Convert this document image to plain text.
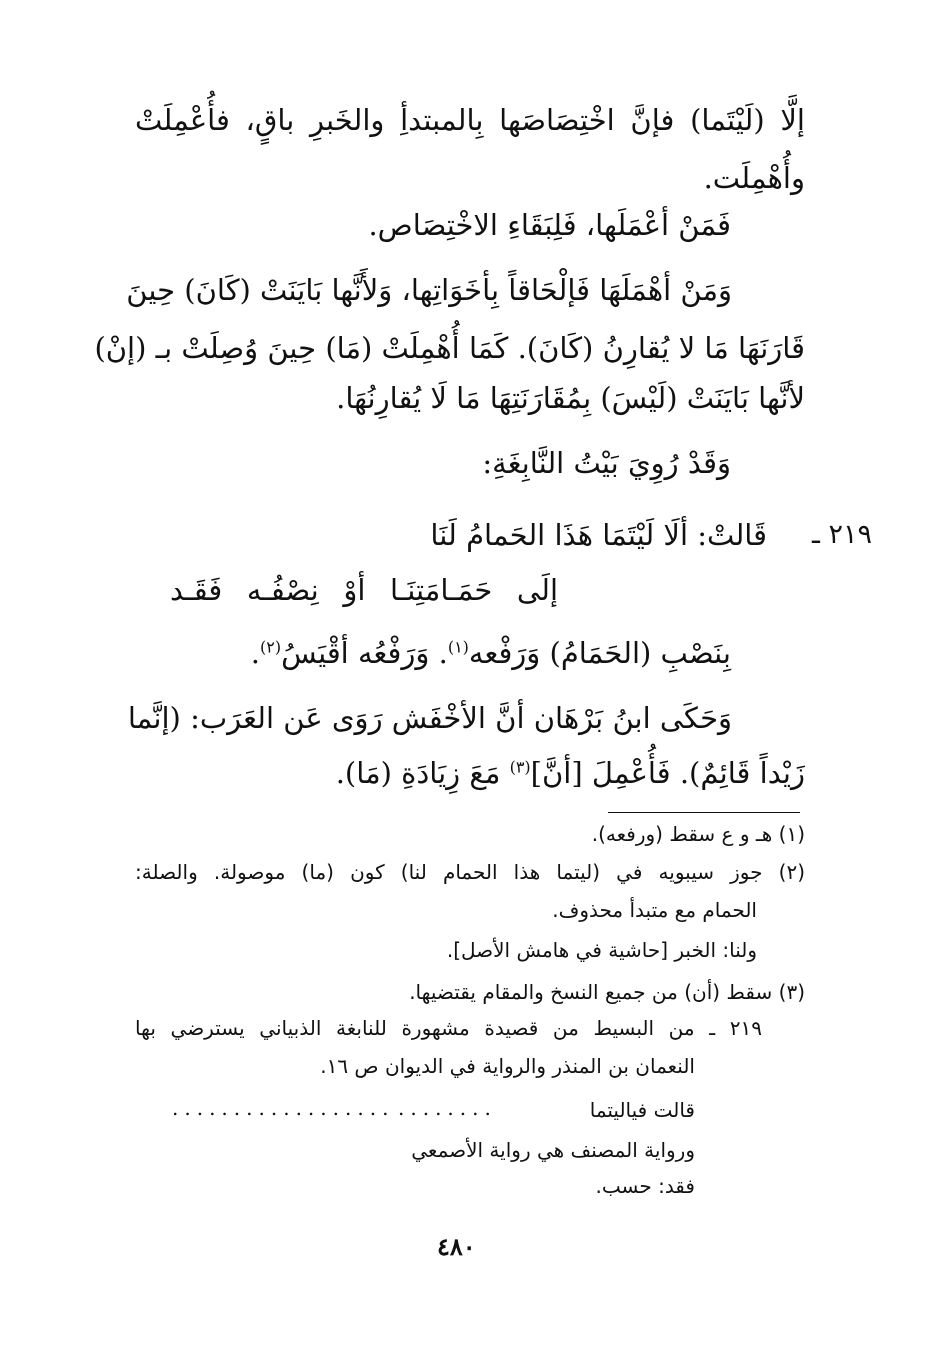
إلَّا (لَيْتَما) فإنَّ اخْتِصَاصَها بِالمبتدأِ والخَبرِ باقٍ، فأُعْمِلَتْ
وأُهْمِلَت.
فَمَنْ أعْمَلَها، فَلِبَقَاءِ الاخْتِصَاص.
وَمَنْ أهْمَلَهَا فَإلْحَاقاً بِأخَوَاتِها، وَلأَنَّها بَايَنَتْ (كَانَ) حِينَ
قَارَنَهَا مَا لا يُقارِنُ (كَانَ). كَمَا أُهْمِلَتْ (مَا) حِينَ وُصِلَتْ بـ (إنْ)
لأنَّها بَايَنَتْ (لَيْسَ) بِمُقَارَنَتِهَا مَا لَا يُقارِنُهَا.
وَقَدْ رُوِيَ بَيْتُ النَّابِغَةِ:
٢١٩ ـ
قَالتْ: ألَا لَيْتَمَا هَذَا الحَمامُ لَنَا
إلَى حَمَـامَتِنَـا أوْ نِصْفُـه فَقَـد
بِنَصْبِ (الحَمَامُ) وَرَفْعه$^{(١)}$. وَرَفْعُه أقْيَسُ$^{(٢)}$.
وَحَكَى ابنُ بَرْهَان أنَّ الأخْفَش رَوَى عَن العَرَب: (إنَّما
زَيْداً قَائِمٌ). فَأُعْمِلَ [أنَّ]$^{(٣)}$ مَعَ زِيَادَةِ (مَا).
(١) هـ و ع سقط (ورفعه).
(٢) جوز سيبويه في (ليتما هذا الحمام لنا) كون (ما) موصولة. والصلة:
الحمام مع متبدأ محذوف.
ولنا: الخبر [حاشية في هامش الأصل].
(٣) سقط (أن) من جميع النسخ والمقام يقتضيها.
٢١٩ ـ من البسيط من قصيدة مشهورة للنابغة الذبياني يسترضي بها
النعمان بن المنذر والرواية في الديوان ص ١٦.
قالت فياليتما
........
..................
ورواية المصنف هي رواية الأصمعي
فقد: حسب.
٤٨٠
